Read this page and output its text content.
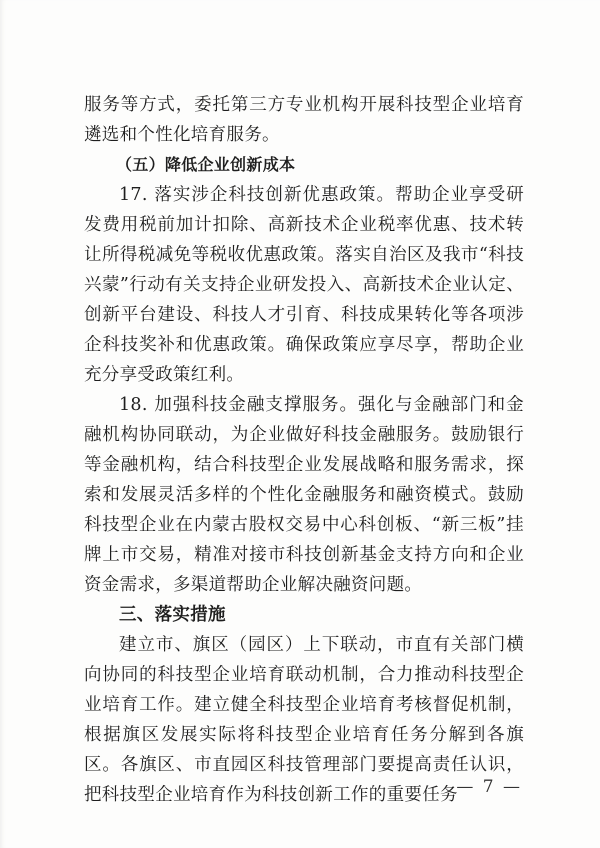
服务等方式，委托第三方专业机构开展科技型企业培育遴选和个性化培育服务。

（五）降低企业创新成本

17. 落实涉企科技创新优惠政策。帮助企业享受研发费用税前加计扣除、高新技术企业税率优惠、技术转让所得税减免等税收优惠政策。落实自治区及我市“科技兴蒙”行动有关支持企业研发投入、高新技术企业认定、创新平台建设、科技人才引育、科技成果转化等各项涉企科技奖补和优惠政策。确保政策应享尽享，帮助企业充分享受政策红利。

18. 加强科技金融支撑服务。强化与金融部门和金融机构协同联动，为企业做好科技金融服务。鼓励银行等金融机构，结合科技型企业发展战略和服务需求，探索和发展灵活多样的个性化金融服务和融资模式。鼓励科技型企业在内蒙古股权交易中心科创板、“新三板”挂牌上市交易，精准对接市科技创新基金支持方向和企业资金需求，多渠道帮助企业解决融资问题。

三、落实措施

建立市、旗区（园区）上下联动，市直有关部门横向协同的科技型企业培育联动机制，合力推动科技型企业培育工作。建立健全科技型企业培育考核督促机制，根据旗区发展实际将科技型企业培育任务分解到各旗区。各旗区、市直园区科技管理部门要提高责任认识，把科技型企业培育作为科技创新工作的重要任务

— 7 —
